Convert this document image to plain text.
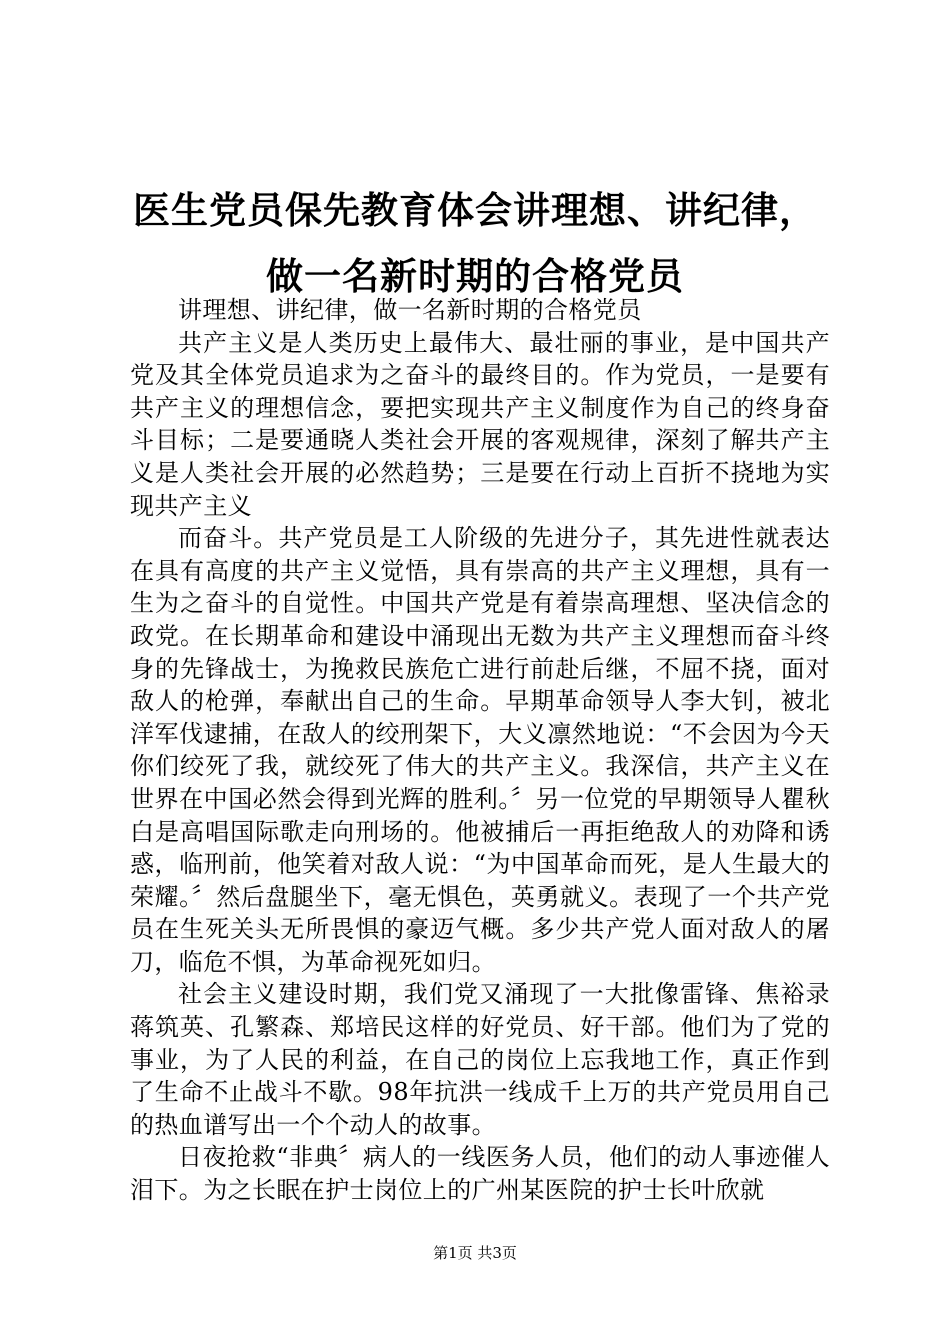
医生党员保先教育体会讲理想、讲纪律，做一名新时期的合格党员

讲理想、讲纪律，做一名新时期的合格党员

共产主义是人类历史上最伟大、最壮丽的事业，是中国共产党及其全体党员追求为之奋斗的最终目的。作为党员，一是要有共产主义的理想信念，要把实现共产主义制度作为自己的终身奋斗目标；二是要通晓人类社会开展的客观规律，深刻了解共产主义是人类社会开展的必然趋势；三是要在行动上百折不挠地为实现共产主义

而奋斗。共产党员是工人阶级的先进分子，其先进性就表达在具有高度的共产主义觉悟，具有崇高的共产主义理想，具有一生为之奋斗的自觉性。中国共产党是有着崇高理想、坚决信念的政党。在长期革命和建设中涌现出无数为共产主义理想而奋斗终身的先锋战士，为挽救民族危亡进行前赴后继，不屈不挠，面对敌人的枪弹，奉献出自己的生命。早期革命领导人李大钊，被北洋军伐逮捕，在敌人的绞刑架下，大义凛然地说：“不会因为今天你们绞死了我，就绞死了伟大的共产主义。我深信，共产主义在世界在中国必然会得到光辉的胜利。〞另一位党的早期领导人瞿秋白是高唱国际歌走向刑场的。他被捕后一再拒绝敌人的劝降和诱惑，临刑前，他笑着对敌人说：“为中国革命而死，是人生最大的荣耀。〞然后盘腿坐下，毫无惧色，英勇就义。表现了一个共产党员在生死关头无所畏惧的豪迈气概。多少共产党人面对敌人的屠刀，临危不惧，为革命视死如归。

社会主义建设时期，我们党又涌现了一大批像雷锋、焦裕录蒋筑英、孔繁森、郑培民这样的好党员、好干部。他们为了党的事业，为了人民的利益，在自己的岗位上忘我地工作，真正作到了生命不止战斗不歇。98年抗洪一线成千上万的共产党员用自己的热血谱写出一个个动人的故事。

日夜抢救“非典〞病人的一线医务人员，他们的动人事迹催人泪下。为之长眠在护士岗位上的广州某医院的护士长叶欣就

第1页 共3页
